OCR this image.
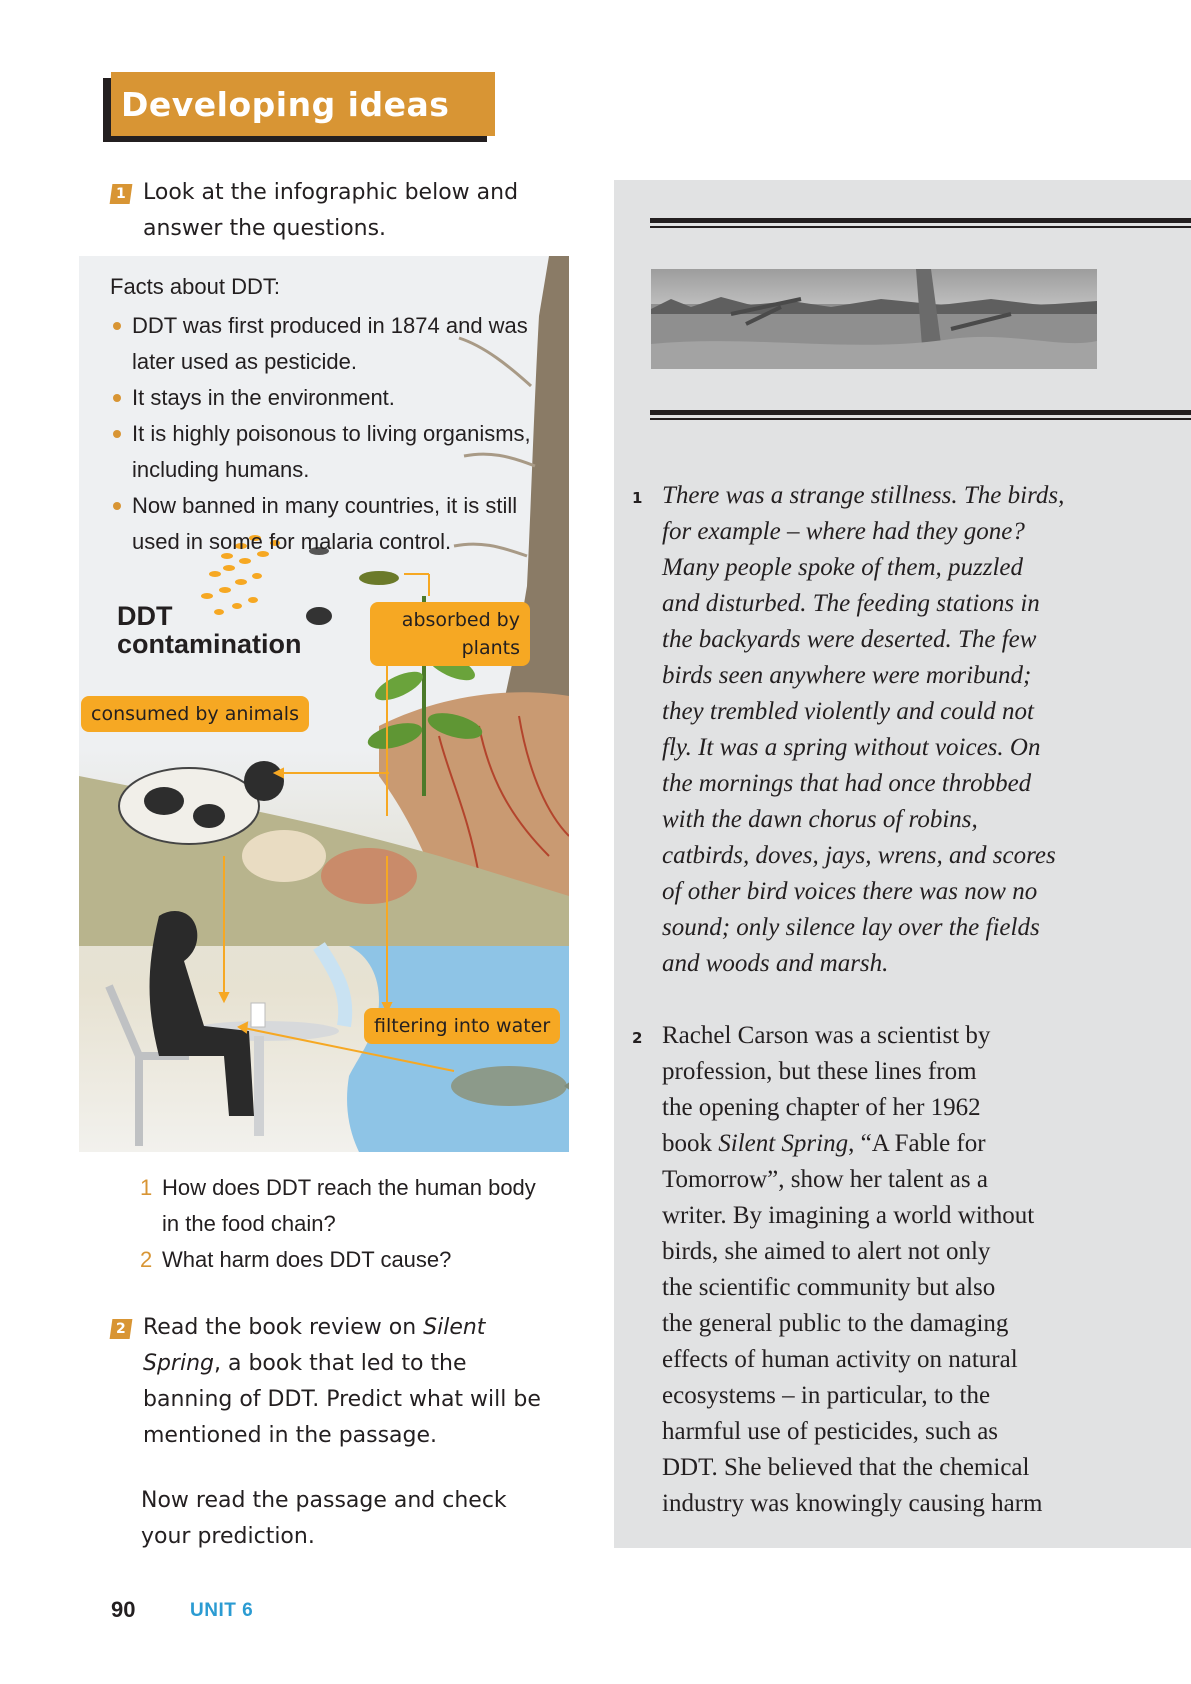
Developing ideas
1 Look at the infographic below and
answer the questions.
Facts about DDT:
DDT was first produced in 1874 and was later used as pesticide.
It stays in the environment.
It is highly poisonous to living organisms, including humans.
Now banned in many countries, it is still used in some for malaria control.
DDT
contamination
absorbed by
plants
consumed by animals
filtering into water
1 How does DDT reach the human body
in the food chain?
2 What harm does DDT cause?
2 Read the book review on Silent
Spring, a book that led to the
banning of DDT. Predict what will be
mentioned in the passage.
Now read the passage and check
your prediction.
1 There was a strange stillness. The birds,
for example – where had they gone?
Many people spoke of them, puzzled
and disturbed. The feeding stations in
the backyards were deserted. The few
birds seen anywhere were moribund;
they trembled violently and could not
fly. It was a spring without voices. On
the mornings that had once throbbed
with the dawn chorus of robins,
catbirds, doves, jays, wrens, and scores
of other bird voices there was now no
sound; only silence lay over the fields
and woods and marsh.
2 Rachel Carson was a scientist by
profession, but these lines from
the opening chapter of her 1962
book Silent Spring, “A Fable for
Tomorrow”, show her talent as a
writer. By imagining a world without
birds, she aimed to alert not only
the scientific community but also
the general public to the damaging
effects of human activity on natural
ecosystems – in particular, to the
harmful use of pesticides, such as
DDT. She believed that the chemical
industry was knowingly causing harm
90	UNIT 6
